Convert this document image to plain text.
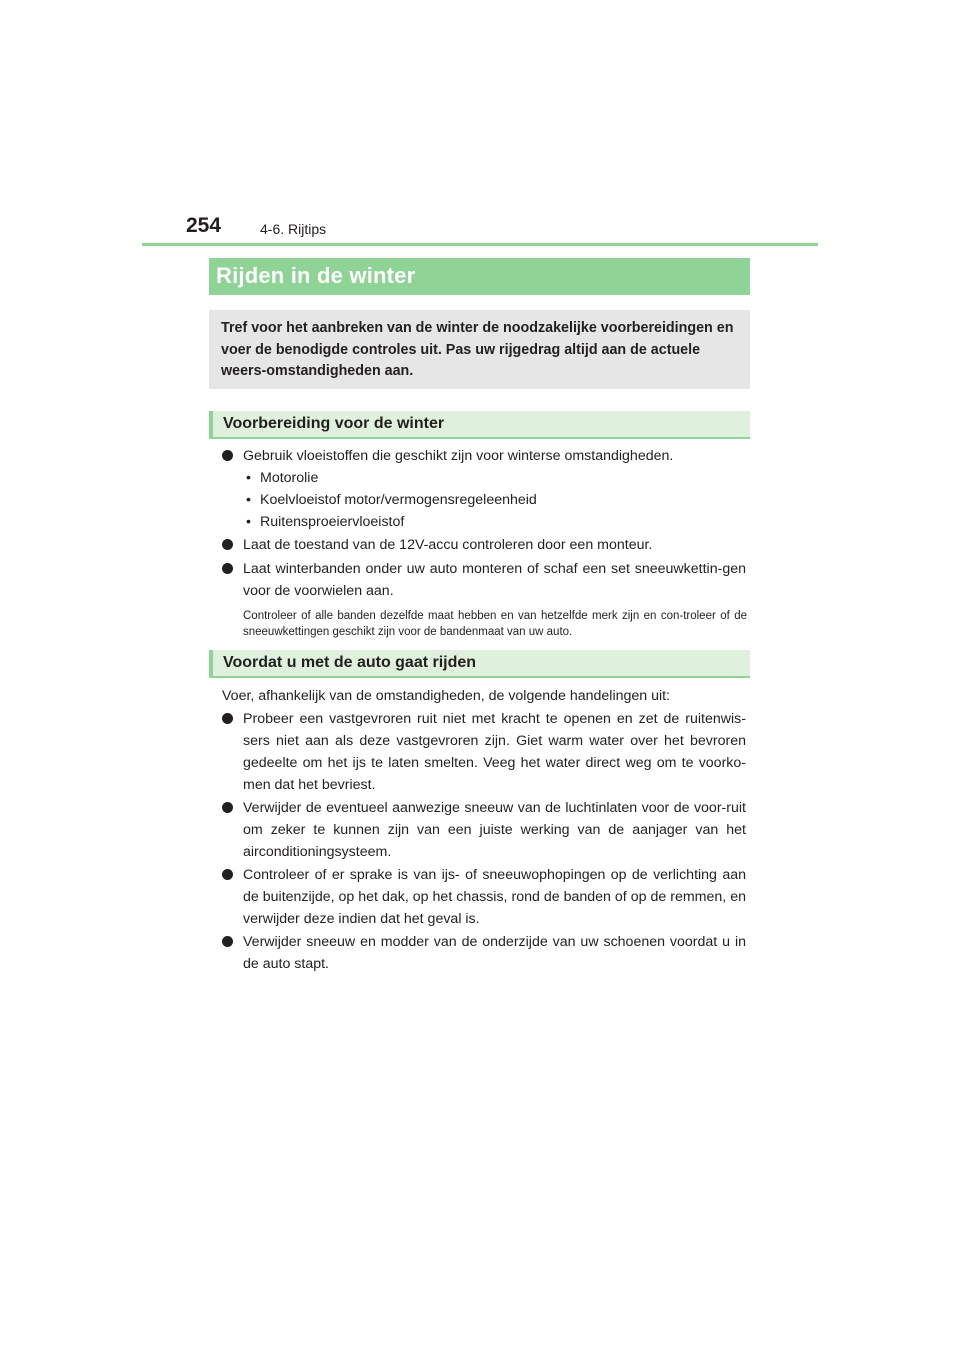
254	4-6. Rijtips
Rijden in de winter

Tref voor het aanbreken van de winter de noodzakelijke voorbereidingen en voer de benodigde controles uit. Pas uw rijgedrag altijd aan de actuele weers-omstandigheden aan.

Voorbereiding voor de winter
Gebruik vloeistoffen die geschikt zijn voor winterse omstandigheden.
• Motorolie
• Koelvloeistof motor/vermogensregeleenheid
• Ruitensproeiervloeistof
Laat de toestand van de 12V-accu controleren door een monteur.
Laat winterbanden onder uw auto monteren of schaf een set sneeuwkettin-gen voor de voorwielen aan.
Controleer of alle banden dezelfde maat hebben en van hetzelfde merk zijn en con-troleer of de sneeuwkettingen geschikt zijn voor de bandenmaat van uw auto.
Voordat u met de auto gaat rijden
Voer, afhankelijk van de omstandigheden, de volgende handelingen uit:
Probeer een vastgevroren ruit niet met kracht te openen en zet de ruitenwis-sers niet aan als deze vastgevroren zijn. Giet warm water over het bevroren gedeelte om het ijs te laten smelten. Veeg het water direct weg om te voorko-men dat het bevriest.
Verwijder de eventueel aanwezige sneeuw van de luchtinlaten voor de voor-ruit om zeker te kunnen zijn van een juiste werking van de aanjager van het airconditioningsysteem.
Controleer of er sprake is van ijs- of sneeuwophopingen op de verlichting aan de buitenzijde, op het dak, op het chassis, rond de banden of op de remmen, en verwijder deze indien dat het geval is.
Verwijder sneeuw en modder van de onderzijde van uw schoenen voordat u in de auto stapt.
